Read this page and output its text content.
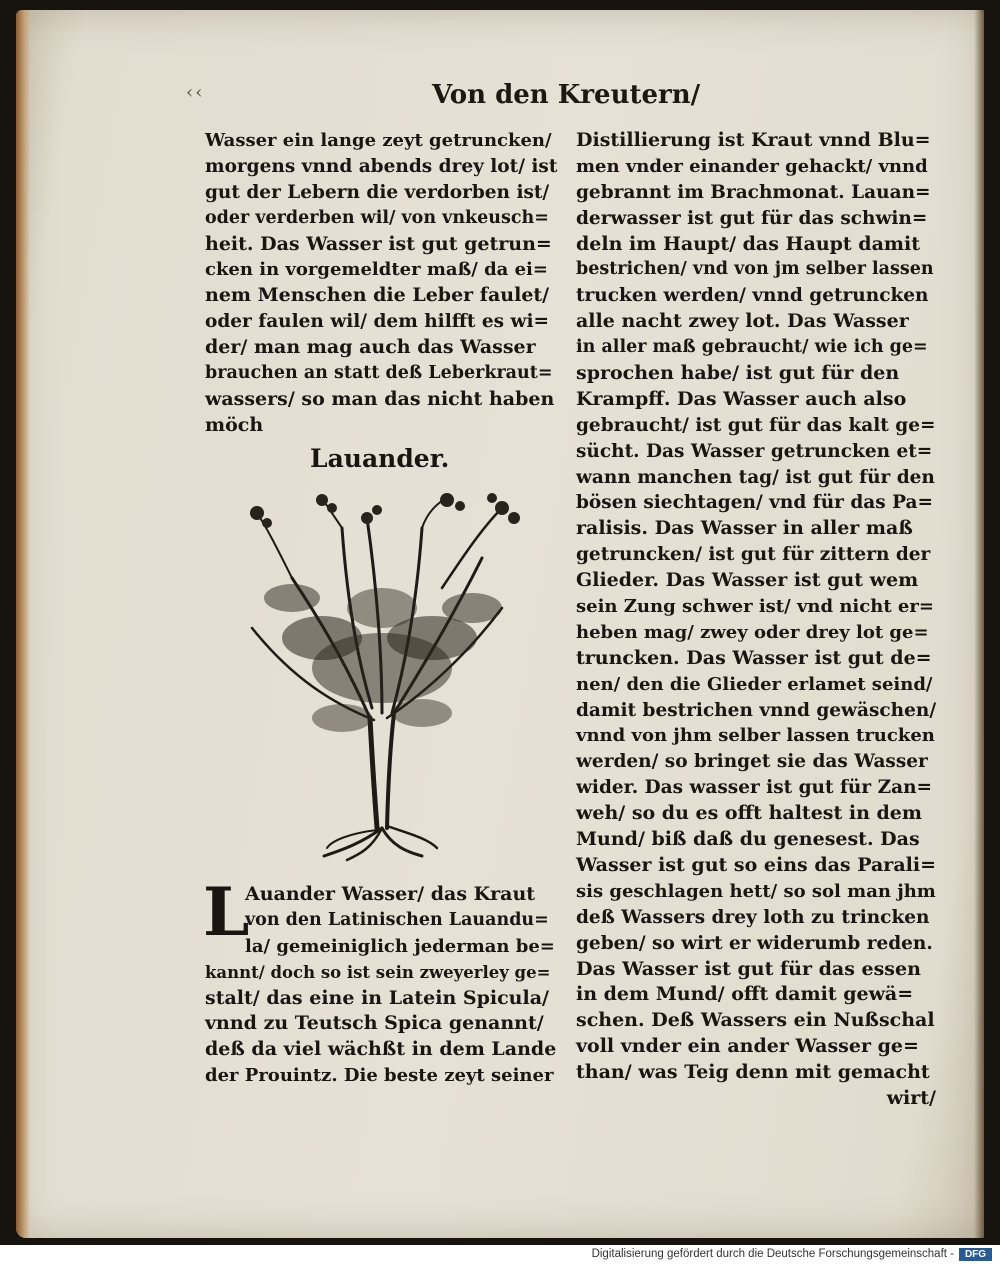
‹‹	Von den Kreutern/
Wasser ein lange zeyt getruncken/
morgens vnnd abends drey lot/ ist
gut der Lebern die verdorben ist/
oder verderben wil/ von vnkeusch=
heit. Das Wasser ist gut getrun=
cken in vorgemeldter maß/ da ei=
nem Menschen die Leber faulet/
oder faulen wil/ dem hilfft es wi=
der/ man mag auch das Wasser
brauchen an statt deß Leberkraut=
wassers/ so man das nicht haben
möch
Lauander.
L
Auander Wasser/ das Kraut
von den Latinischen Lauandu=
la/ gemeiniglich jederman be=
kannt/ doch so ist sein zweyerley ge=
stalt/ das eine in Latein Spicula/
vnnd zu Teutsch Spica genannt/
deß da viel wächßt in dem Lande
der Prouintz. Die beste zeyt seiner
Distillierung ist Kraut vnnd Blu=
men vnder einander gehackt/ vnnd
gebrannt im Brachmonat. Lauan=
derwasser ist gut für das schwin=
deln im Haupt/ das Haupt damit
bestrichen/ vnd von jm selber lassen
trucken werden/ vnnd getruncken
alle nacht zwey lot. Das Wasser
in aller maß gebraucht/ wie ich ge=
sprochen habe/ ist gut für den
Krampff. Das Wasser auch also
gebraucht/ ist gut für das kalt ge=
sücht. Das Wasser getruncken et=
wann manchen tag/ ist gut für den
bösen siechtagen/ vnd für das Pa=
ralisis. Das Wasser in aller maß
getruncken/ ist gut für zittern der
Glieder. Das Wasser ist gut wem
sein Zung schwer ist/ vnd nicht er=
heben mag/ zwey oder drey lot ge=
truncken. Das Wasser ist gut de=
nen/ den die Glieder erlamet seind/
damit bestrichen vnnd gewäschen/
vnnd von jhm selber lassen trucken
werden/ so bringet sie das Wasser
wider. Das wasser ist gut für Zan=
weh/ so du es offt haltest in dem
Mund/ biß daß du genesest. Das
Wasser ist gut so eins das Parali=
sis geschlagen hett/ so sol man jhm
deß Wassers drey loth zu trincken
geben/ so wirt er widerumb reden.
Das Wasser ist gut für das essen
in dem Mund/ offt damit gewä=
schen. Deß Wassers ein Nußschal
voll vnder ein ander Wasser ge=
than/ was Teig denn mit gemacht
wirt/
Digitalisierung gefördert durch die Deutsche Forschungsgemeinschaft -	DFG
